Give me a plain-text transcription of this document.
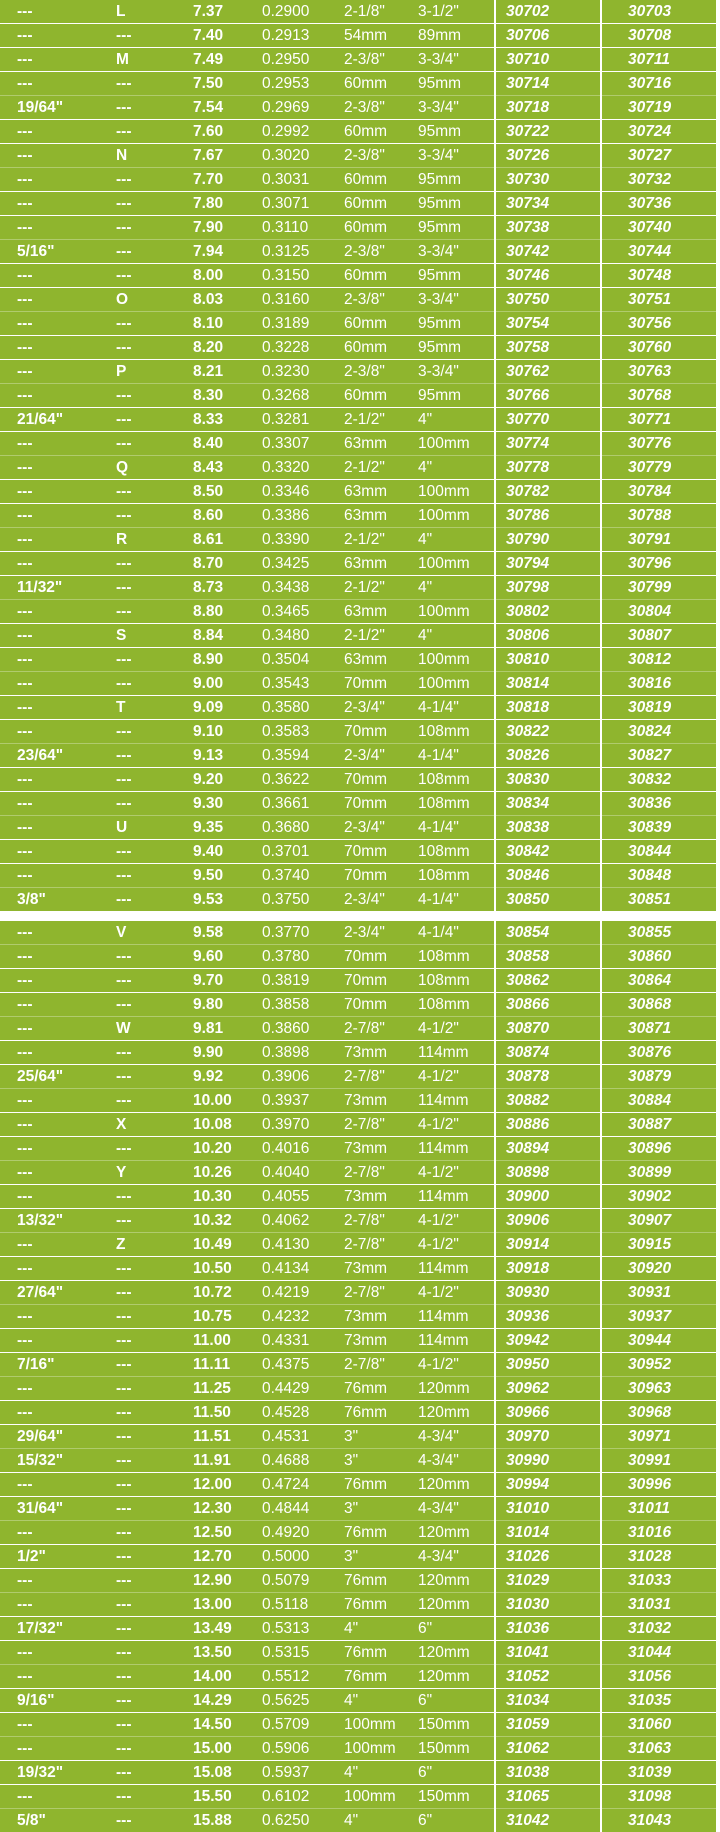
---	L	7.37	0.2900 2-1/8" 3-1/2"	30702	30703
---	---	7.40	0.2913 54mm 89mm	30706	30708
---	M	7.49	0.2950 2-3/8" 3-3/4"	30710	30711
---	---	7.50	0.2953 60mm 95mm	30714	30716
19/64"	---	7.54	0.2969 2-3/8" 3-3/4"	30718	30719
---	---	7.60	0.2992 60mm 95mm	30722	30724
---	N	7.67	0.3020 2-3/8" 3-3/4"	30726	30727
---	---	7.70	0.3031 60mm 95mm	30730	30732
---	---	7.80	0.3071 60mm 95mm	30734	30736
---	---	7.90	0.3110 60mm 95mm	30738	30740
5/16"	---	7.94	0.3125 2-3/8" 3-3/4"	30742	30744
---	---	8.00	0.3150 60mm 95mm	30746	30748
---	O	8.03	0.3160 2-3/8" 3-3/4"	30750	30751
---	---	8.10	0.3189 60mm 95mm	30754	30756
---	---	8.20	0.3228 60mm 95mm	30758	30760
---	P	8.21	0.3230 2-3/8" 3-3/4"	30762	30763
---	---	8.30	0.3268 60mm 95mm	30766	30768
21/64"	---	8.33	0.3281 2-1/2" 4"	30770	30771
---	---	8.40	0.3307 63mm 100mm 30774	30776
---	Q	8.43	0.3320 2-1/2" 4"	30778	30779
---	---	8.50	0.3346 63mm 100mm 30782	30784
---	---	8.60	0.3386 63mm 100mm 30786	30788
---	R	8.61	0.3390 2-1/2" 4"	30790	30791
---	---	8.70	0.3425 63mm 100mm 30794	30796
11/32"	---	8.73	0.3438 2-1/2" 4"	30798	30799
---	---	8.80	0.3465 63mm 100mm 30802	30804
---	S	8.84	0.3480 2-1/2" 4"	30806	30807
---	---	8.90	0.3504 63mm 100mm 30810	30812
---	---	9.00	0.3543 70mm 100mm 30814	30816
---	T	9.09	0.3580 2-3/4" 4-1/4"	30818	30819
---	---	9.10	0.3583 70mm 108mm 30822	30824
23/64"	---	9.13	0.3594 2-3/4" 4-1/4"	30826	30827
---	---	9.20	0.3622 70mm 108mm 30830	30832
---	---	9.30	0.3661 70mm 108mm 30834	30836
---	U	9.35	0.3680 2-3/4" 4-1/4"	30838	30839
---	---	9.40	0.3701 70mm 108mm 30842	30844
---	---	9.50	0.3740 70mm 108mm 30846	30848
3/8"	---	9.53	0.3750 2-3/4" 4-1/4"	30850	30851
---	V	9.58	0.3770 2-3/4" 4-1/4"	30854	30855
---	---	9.60	0.3780 70mm 108mm 30858	30860
---	---	9.70	0.3819 70mm 108mm 30862	30864
---	---	9.80	0.3858 70mm 108mm 30866	30868
---	W	9.81	0.3860 2-7/8" 4-1/2"	30870	30871
---	---	9.90	0.3898 73mm 114mm 30874	30876
25/64"	---	9.92	0.3906 2-7/8" 4-1/2"	30878	30879
---	---	10.00 0.3937 73mm 114mm 30882	30884
---	X	10.08 0.3970 2-7/8" 4-1/2"	30886	30887
---	---	10.20 0.4016 73mm 114mm 30894	30896
---	Y	10.26 0.4040 2-7/8" 4-1/2"	30898	30899
---	---	10.30 0.4055 73mm 114mm 30900	30902
13/32"	---	10.32 0.4062 2-7/8" 4-1/2"	30906	30907
---	Z	10.49 0.4130 2-7/8" 4-1/2"	30914	30915
---	---	10.50 0.4134 73mm 114mm 30918	30920
27/64"	---	10.72 0.4219 2-7/8" 4-1/2"	30930	30931
---	---	10.75 0.4232 73mm 114mm 30936	30937
---	---	11.00 0.4331 73mm 114mm 30942	30944
7/16"	---	11.11 0.4375 2-7/8" 4-1/2"	30950	30952
---	---	11.25 0.4429 76mm 120mm 30962	30963
---	---	11.50 0.4528 76mm 120mm 30966	30968
29/64"	---	11.51 0.4531 3"	4-3/4"	30970	30971
15/32"	---	11.91 0.4688 3"	4-3/4"	30990	30991
---	---	12.00 0.4724 76mm 120mm 30994	30996
31/64"	---	12.30 0.4844 3"	4-3/4"	31010	31011
---	---	12.50 0.4920 76mm 120mm 31014	31016
1/2"	---	12.70 0.5000 3"	4-3/4"	31026	31028
---	---	12.90 0.5079 76mm 120mm 31029	31033
---	---	13.00 0.5118 76mm 120mm 31030	31031
17/32"	---	13.49 0.5313 4"	6"	31036	31032
---	---	13.50 0.5315 76mm 120mm 31041	31044
---	---	14.00 0.5512 76mm 120mm 31052	31056
9/16"	---	14.29 0.5625 4"	6"	31034	31035
---	---	14.50 0.5709 100mm 150mm 31059	31060
---	---	15.00 0.5906 100mm 150mm 31062	31063
19/32"	---	15.08 0.5937 4"	6"	31038	31039
---	---	15.50 0.6102 100mm 150mm 31065	31098
5/8"	---	15.88 0.6250 4"	6"	31042	31043
